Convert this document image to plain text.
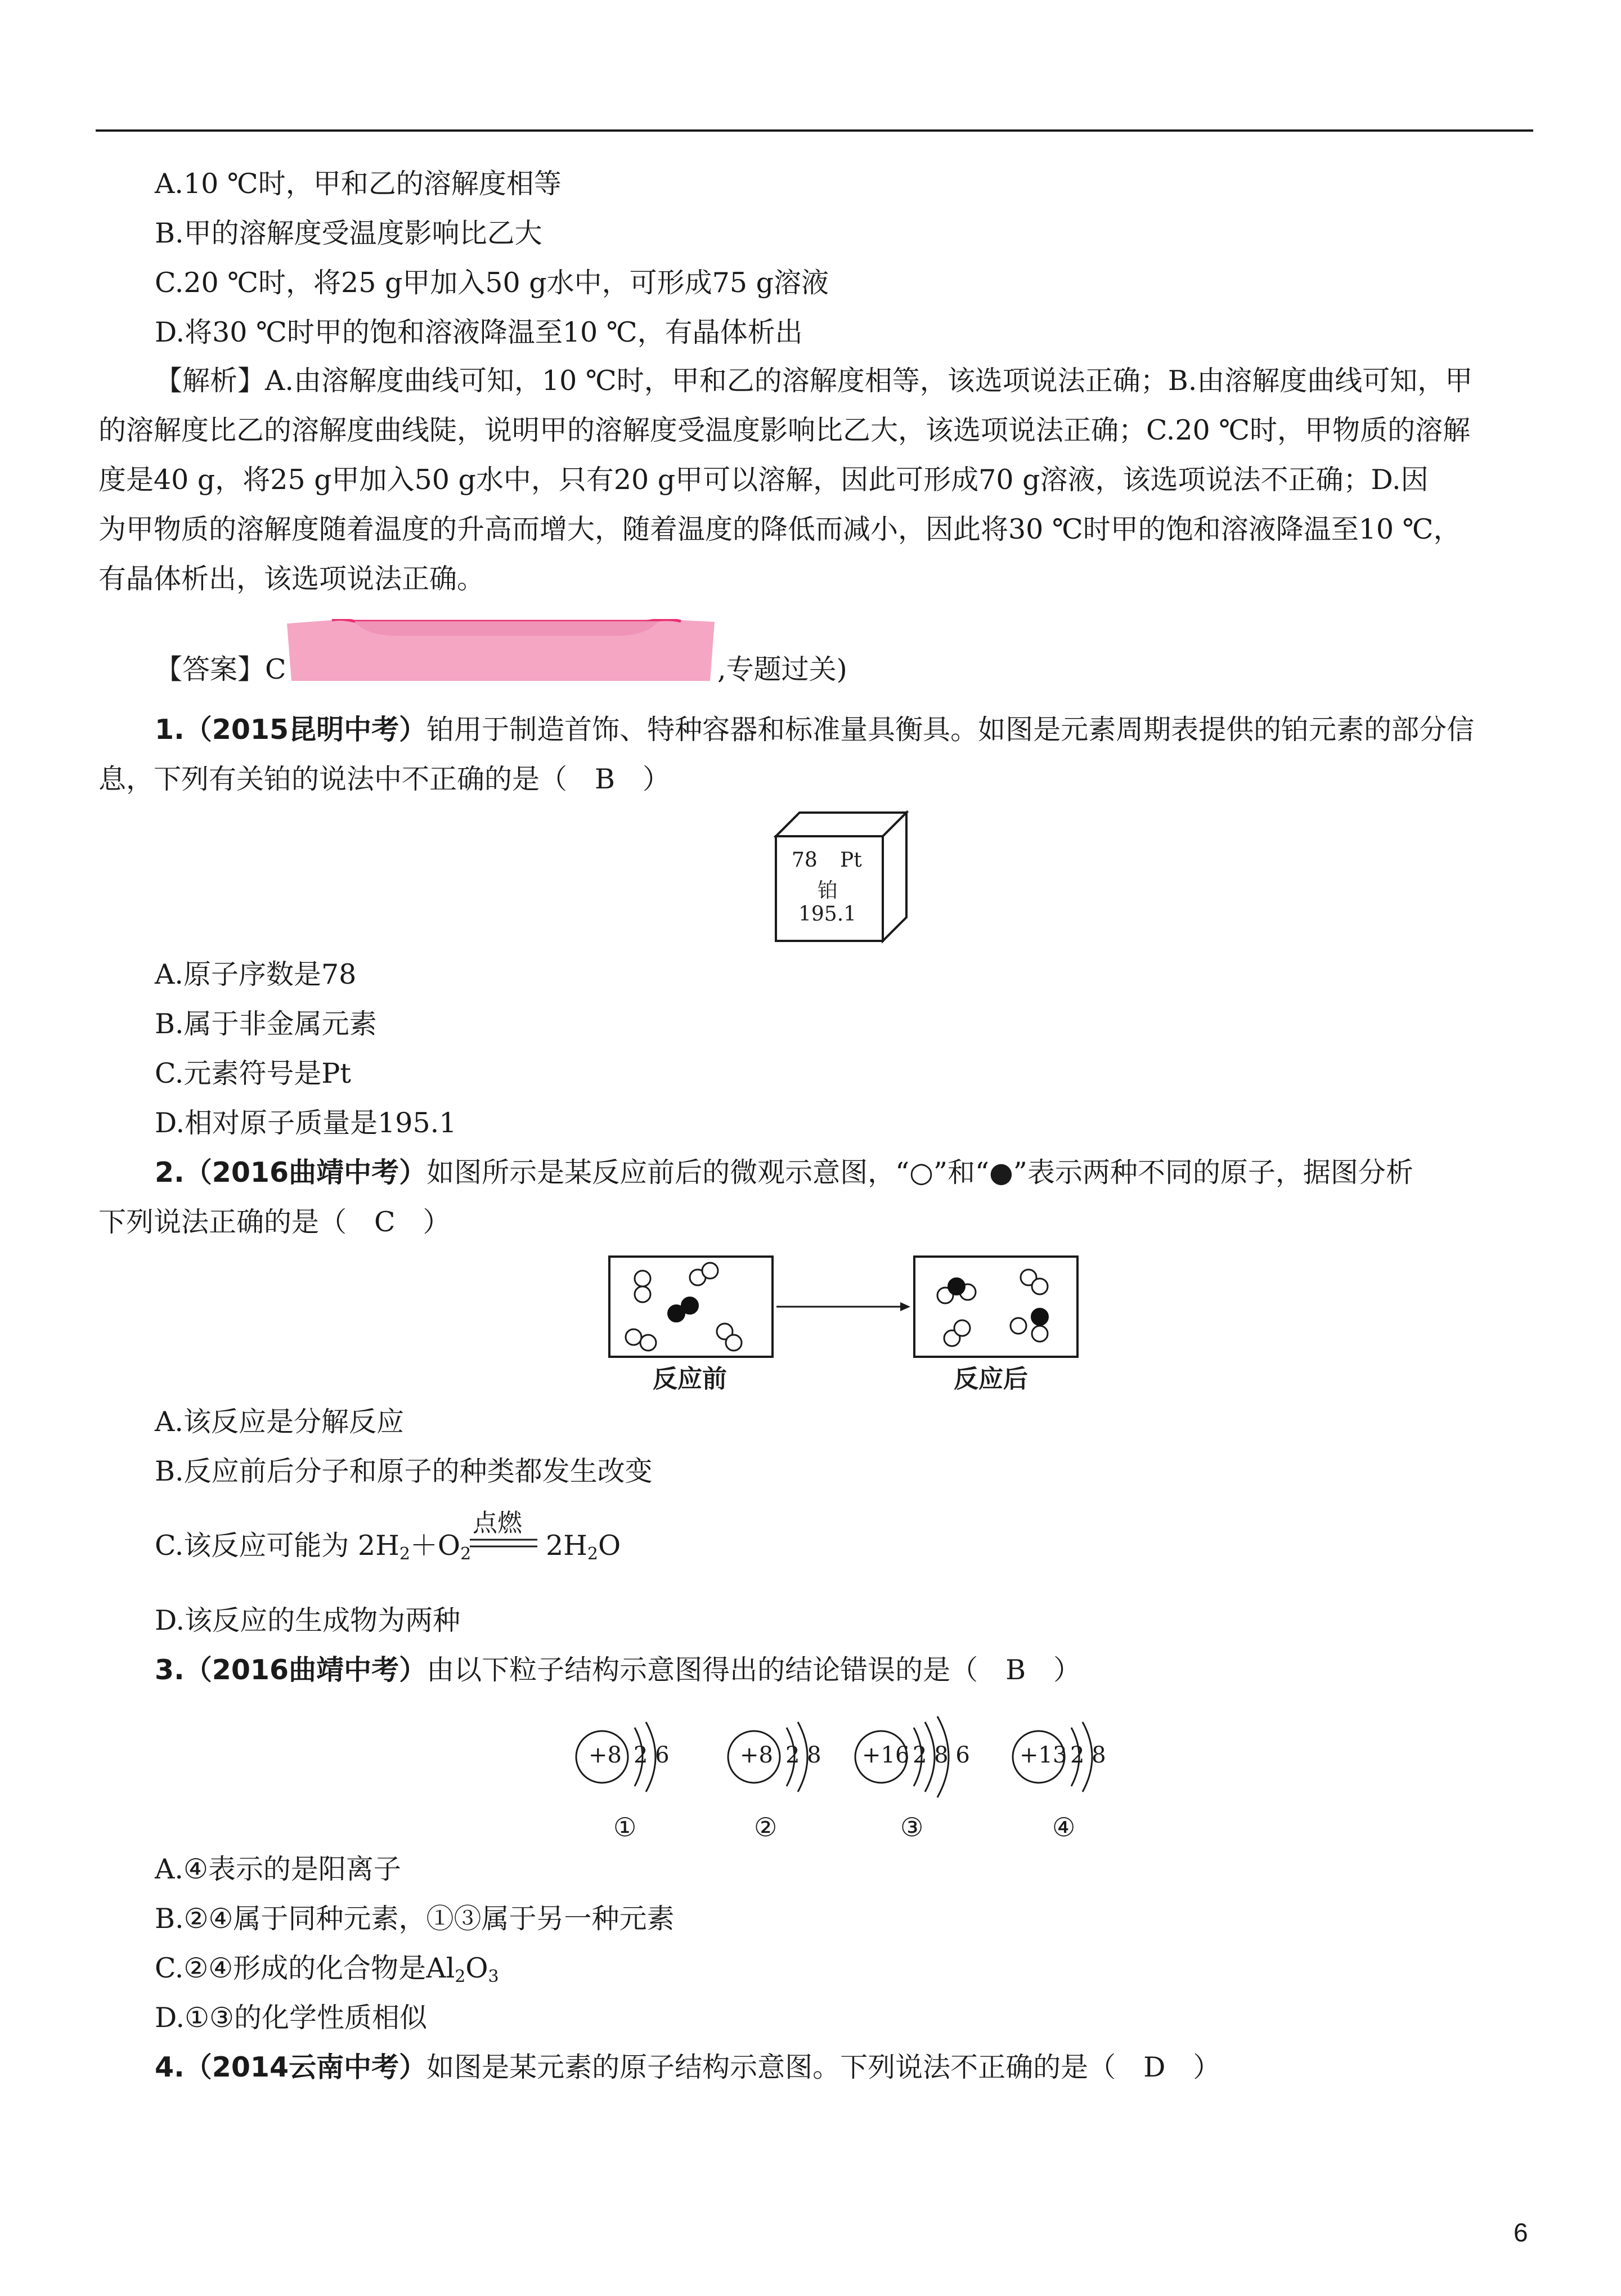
A.10 ℃时，甲和乙的溶解度相等
B.甲的溶解度受温度影响比乙大
C.20 ℃时，将25 g甲加入50 g水中，可形成75 g溶液
D.将30 ℃时甲的饱和溶液降温至10 ℃，有晶体析出
【解析】A.由溶解度曲线可知，10 ℃时，甲和乙的溶解度相等，该选项说法正确；B.由溶解度曲线可知，甲
的溶解度比乙的溶解度曲线陡，说明甲的溶解度受温度影响比乙大，该选项说法正确；C.20 ℃时，甲物质的溶解
度是40 g，将25 g甲加入50 g水中，只有20 g甲可以溶解，因此可形成70 g溶液，该选项说法不正确；D.因
为甲物质的溶解度随着温度的升高而增大，随着温度的降低而减小，因此将30 ℃时甲的饱和溶液降温至10 ℃，
有晶体析出，该选项说法正确。
【答案】C	,专题过关)
1.（2015昆明中考）铂用于制造首饰、特种容器和标准量具衡具。如图是元素周期表提供的铂元素的部分信
息，下列有关铂的说法中不正确的是（　B　）
78 Pt
铂
195.1
A.原子序数是78
B.属于非金属元素
C.元素符号是Pt
D.相对原子质量是195.1
2.（2016曲靖中考）如图所示是某反应前后的微观示意图，“○”和“●”表示两种不同的原子，据图分析
下列说法正确的是（　C　）
反应前	反应后
A.该反应是分解反应
B.反应前后分子和原子的种类都发生改变
C.该反应可能为 $2H_2+O_2$
点燃
$2H_2O$
D.该反应的生成物为两种
3.（2016曲靖中考）由以下粒子结构示意图得出的结论错误的是（　B　）
+8 2 6	+8 2 8 +16 2 8 6 +13 2 8
①	②	③	④
A.④表示的是阳离子
B.②④属于同种元素，①③属于另一种元素
C.②④形成的化合物是$Al_2O_3$
D.①③的化学性质相似
4.（2014云南中考）如图是某元素的原子结构示意图。下列说法不正确的是（　D　）
6
